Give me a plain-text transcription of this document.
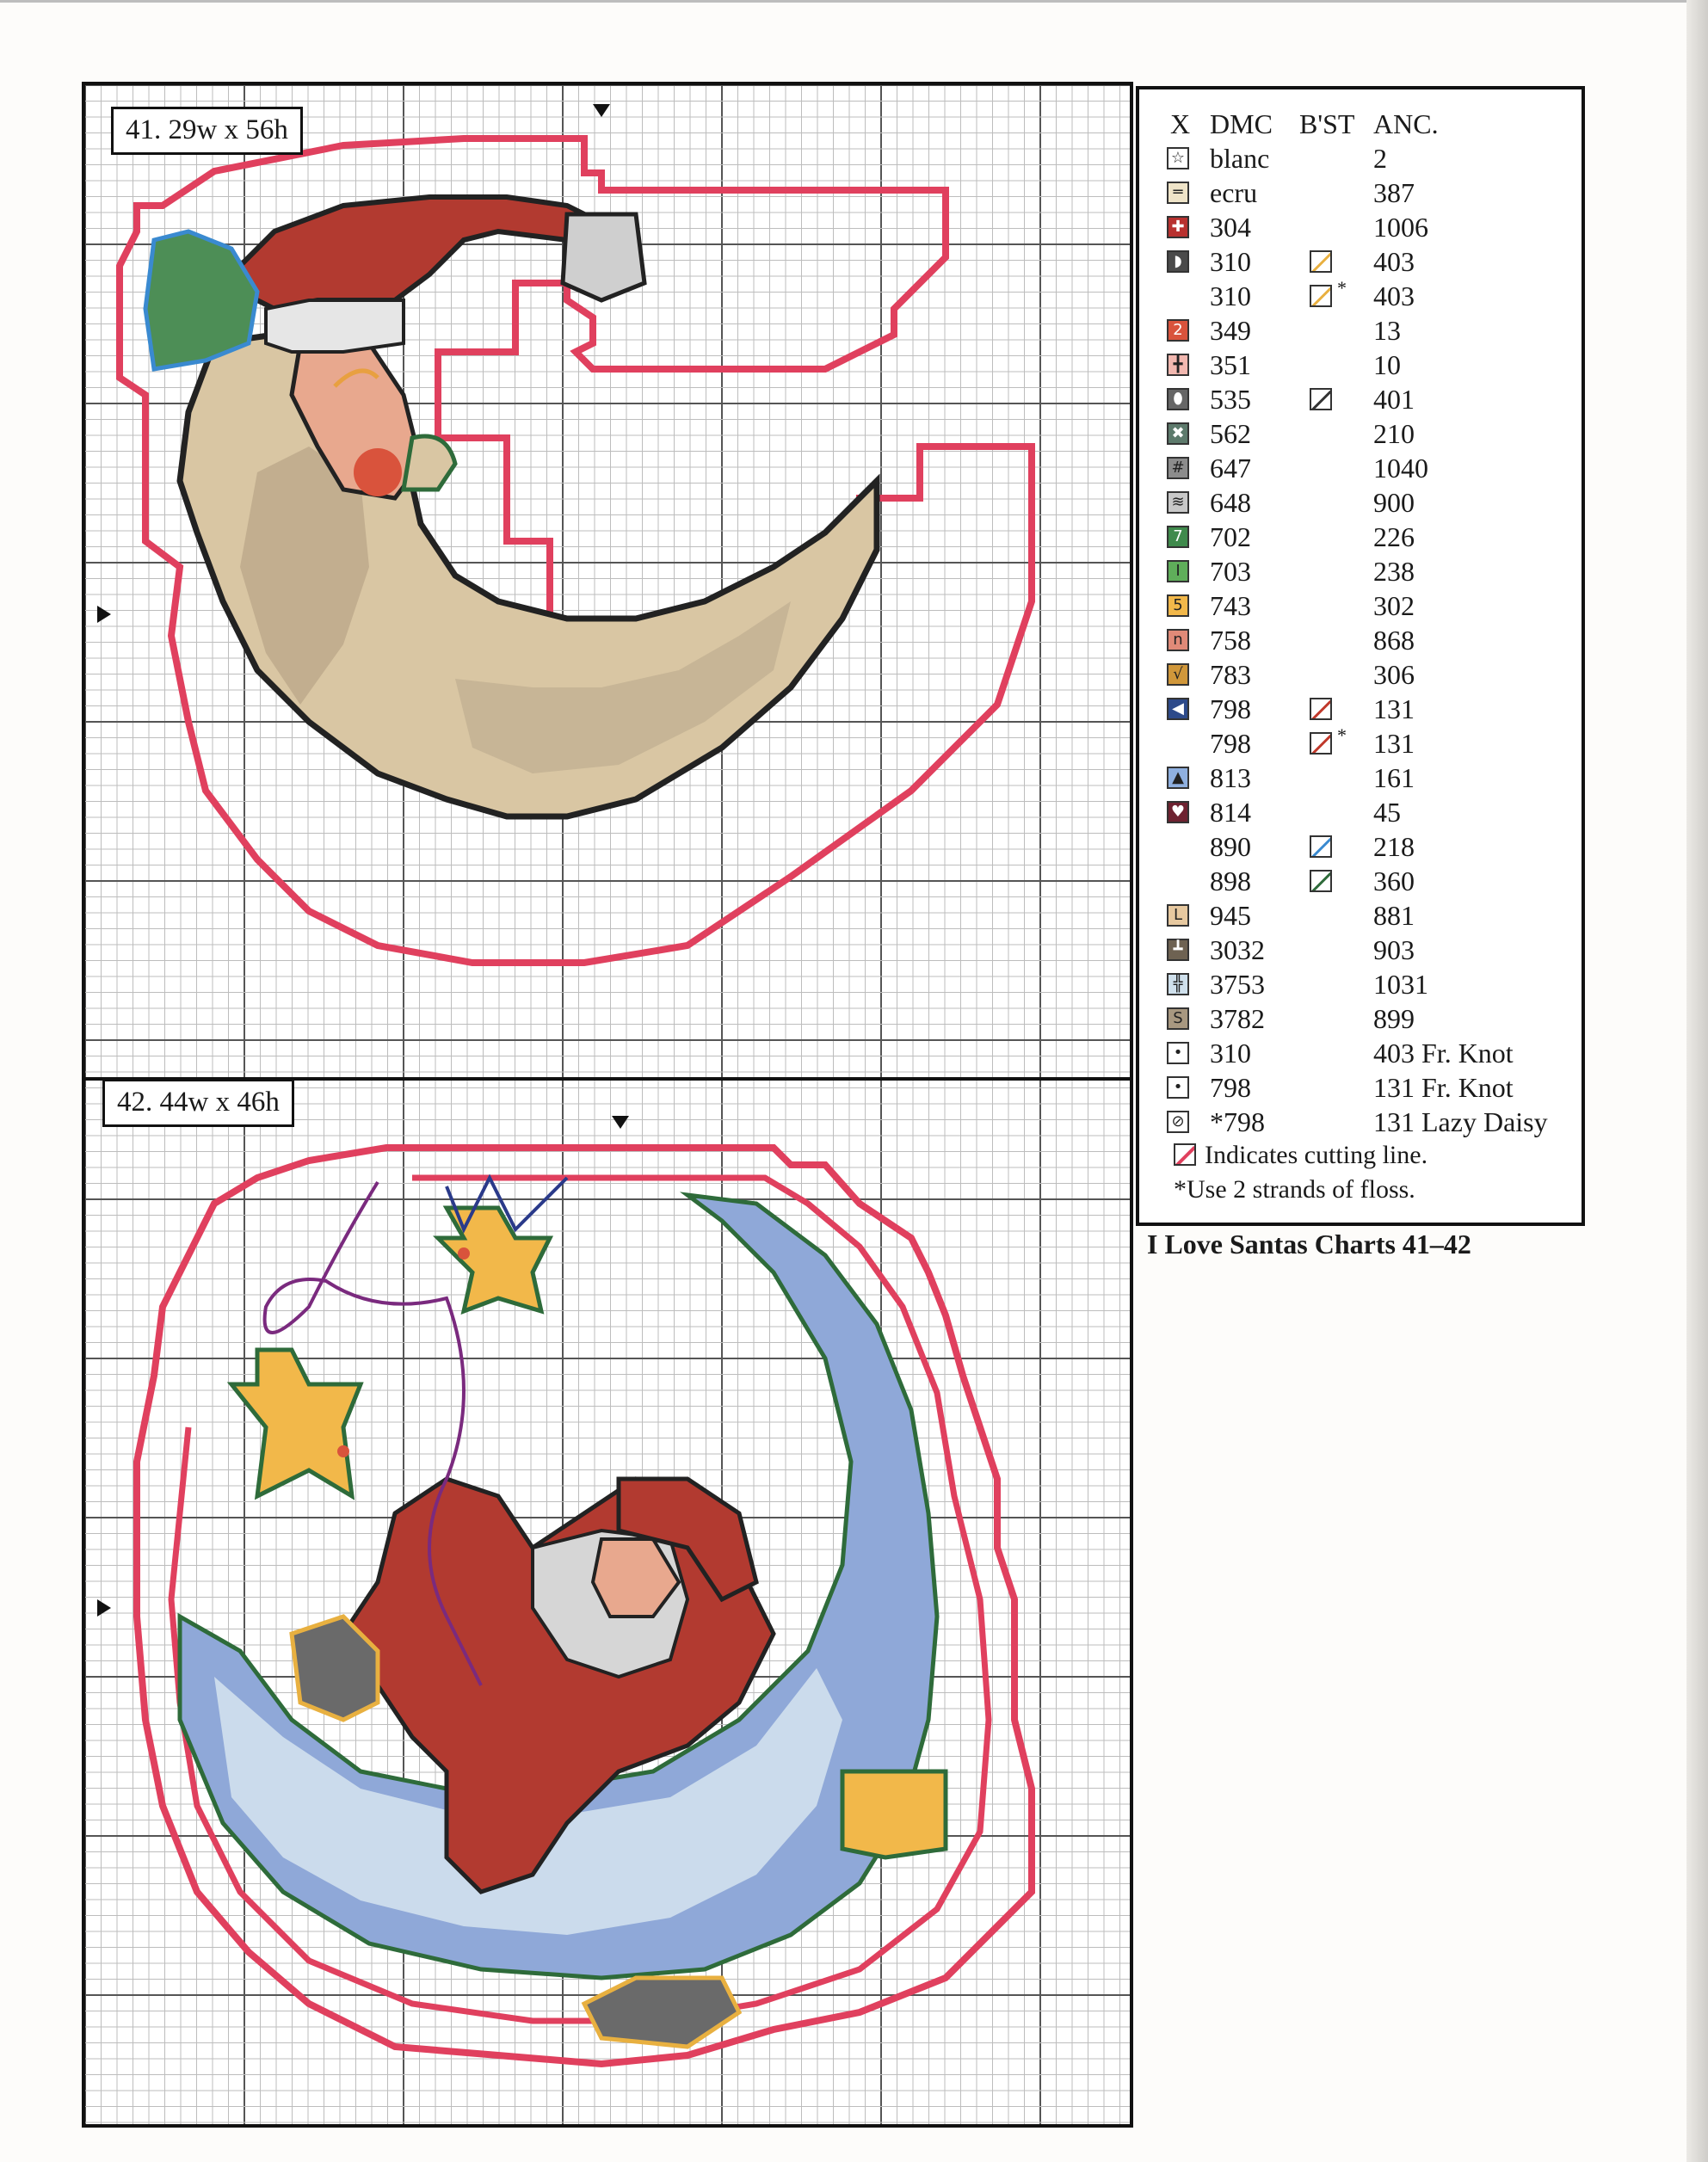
41. 29w x 56h
42. 44w x 46h
X DMC B'ST ANC.
☆ blanc	2
═ ecru	387
✚ 304	1006
◗ 310	403
310	* 403
2 349	13
╋ 351	10
⬮ 535	401
✖ 562	210
# 647	1040
≋ 648	900
7 702	226
I	703	238
5 743	302
n 758	868
√ 783	306
◀ 798	131
798	* 131
▲ 813	161
♥ 814	45
890	218
898	360
L 945	881
┻ 3032	903
╬ 3753	1031
S 3782	899
• 310	403 Fr. Knot
• 798	131 Fr. Knot
⊘ *798	131 Lazy Daisy
Indicates cutting line.
*Use 2 strands of floss.
I Love Santas Charts 41–42
